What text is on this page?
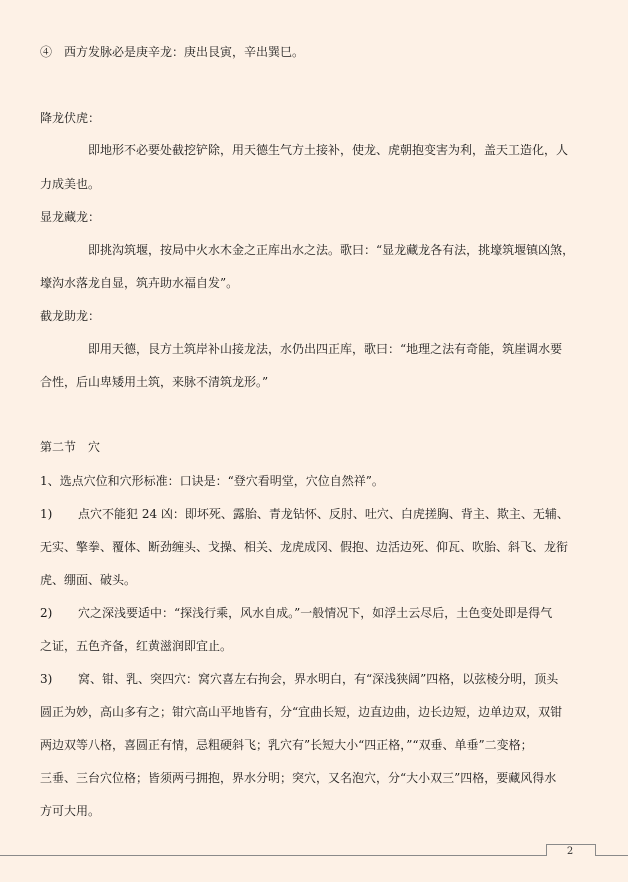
④　西方发脉必是庚辛龙：庚出艮寅，辛出巽巳。
降龙伏虎：
　　　　即地形不必要处截挖铲除，用天德生气方土接补，使龙、虎朝抱变害为利，盖天工造化，人
力成美也。
显龙藏龙：
　　　　即挑沟筑堰，按局中火水木金之正库出水之法。歌曰：“显龙藏龙各有法，挑壕筑堰镇凶煞，
壕沟水落龙自显，筑卉助水福自发”。
截龙助龙：
　　　　即用天德，艮方土筑岸补山接龙法，水仍出四正库，歌曰：“地理之法有奇能，筑崖调水要
合性，后山卑矮用土筑，来脉不清筑龙形。”
第二节　穴
1、选点穴位和穴形标准：口诀是：“登穴看明堂，穴位自然祥”。
1) 点穴不能犯 24 凶：即坏死、露胎、青龙钻怀、反肘、吐穴、白虎搓胸、背主、欺主、无辅、
无实、擎拳、覆体、断劲缠头、戈操、相关、龙虎成冈、假抱、边活边死、仰瓦、吹胎、斜飞、龙衔
虎、绷面、破头。
2) 穴之深浅要适中：“探浅行乘，风水自成。”一般情况下，如浮土云尽后，土色变处即是得气
之证，五色齐备，红黄滋润即宜止。
3) 窝、钳、乳、突四穴：窝穴喜左右拘会，界水明白，有“深浅狭阔”四格，以弦棱分明，顶头
圆正为妙，高山多有之；钳穴高山平地皆有，分“宜曲长短，边直边曲，边长边短，边单边双，双钳
两边双等八格，喜圆正有情，忌粗硬斜飞；乳穴有”长短大小“四正格，”“双垂、单垂”二变格；
三垂、三台穴位格；皆须两弓拥抱，界水分明；突穴，又名泡穴，分“大小双三”四格，要藏风得水
方可大用。
2
